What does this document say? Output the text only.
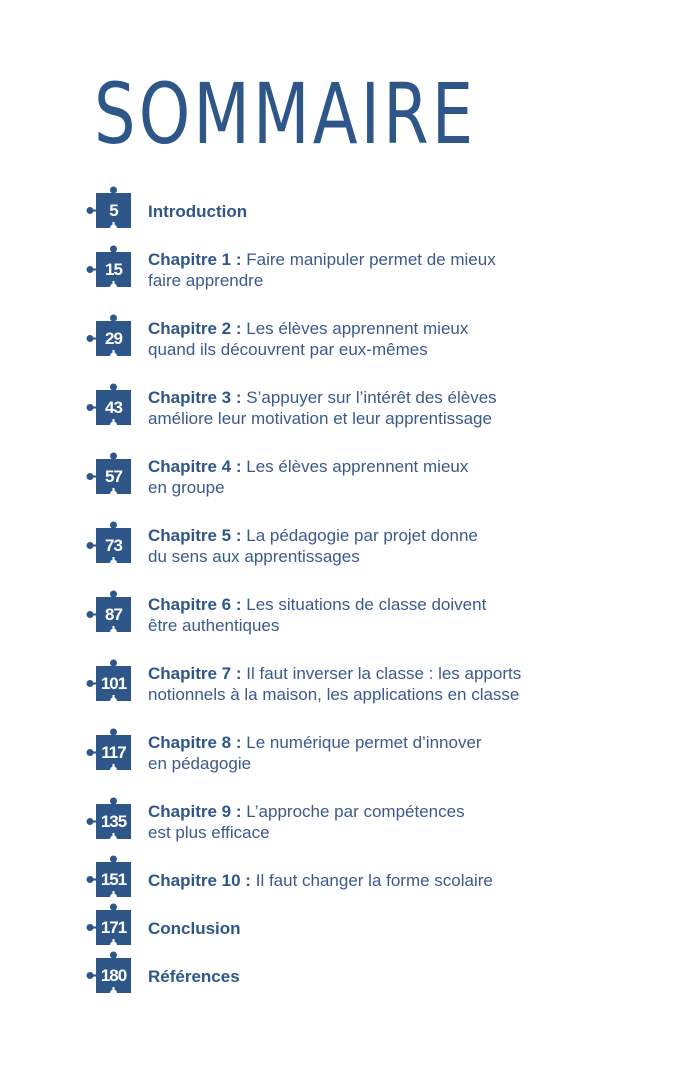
SOMMAIRE
5	Introduction
15
Chapitre 1 : Faire manipuler permet de mieux
faire apprendre
29
Chapitre 2 : Les élèves apprennent mieux
quand ils découvrent par eux-mêmes
43
Chapitre 3 : S’appuyer sur l’intérêt des élèves
améliore leur motivation et leur apprentissage
57
Chapitre 4 : Les élèves apprennent mieux
en groupe
73
Chapitre 5 : La pédagogie par projet donne
du sens aux apprentissages
87
Chapitre 6 : Les situations de classe doivent
être authentiques
101
Chapitre 7 : Il faut inverser la classe : les apports
notionnels à la maison, les applications en classe
117
Chapitre 8 : Le numérique permet d’innover
en pédagogie
135
Chapitre 9 : L’approche par compétences
est plus efficace
151 Chapitre 10 : Il faut changer la forme scolaire
171 Conclusion
180 Références
